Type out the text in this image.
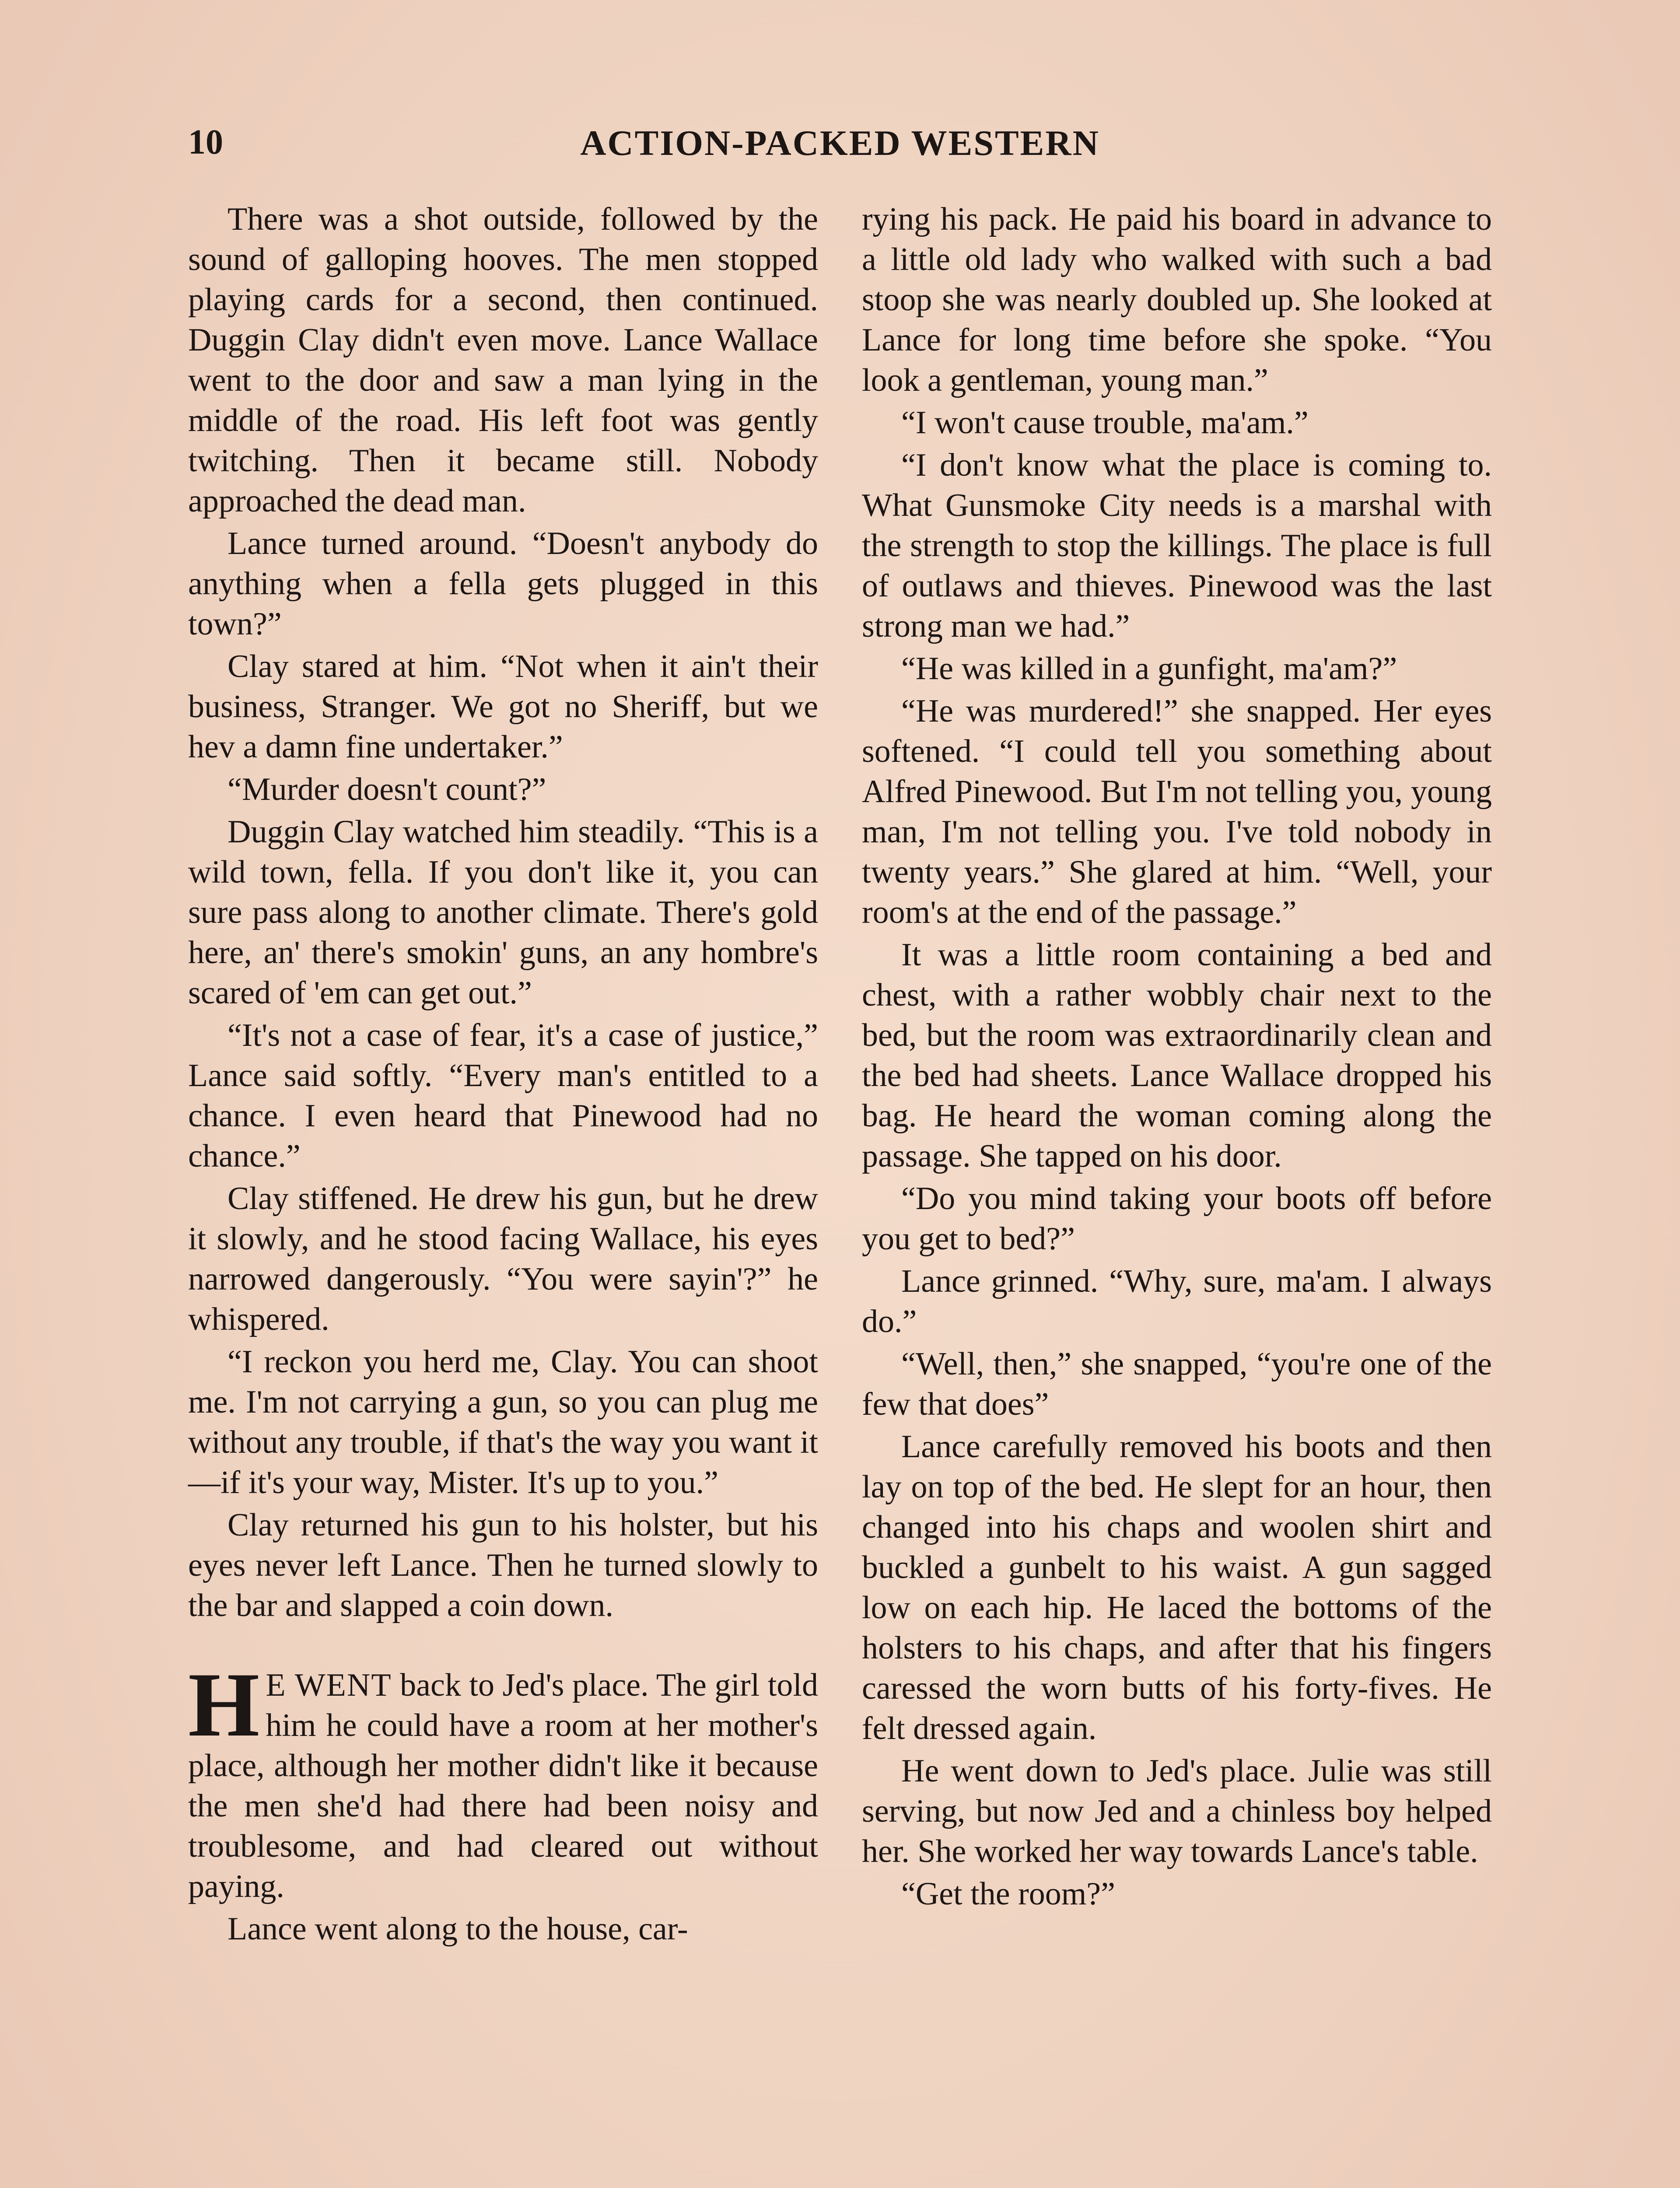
10	ACTION-PACKED WESTERN

There was a shot outside, followed by the sound of galloping hooves. The men stopped playing cards for a second, then continued. Duggin Clay didn't even move. Lance Wallace went to the door and saw a man lying in the middle of the road. His left foot was gently twitching. Then it became still. Nobody approached the dead man.

Lance turned around. “Doesn't anybody do anything when a fella gets plugged in this town?”

Clay stared at him. “Not when it ain't their business, Stranger. We got no Sheriff, but we hev a damn fine undertaker.”

“Murder doesn't count?”

Duggin Clay watched him steadily. “This is a wild town, fella. If you don't like it, you can sure pass along to another climate. There's gold here, an' there's smokin' guns, an any hombre's scared of 'em can get out.”

“It's not a case of fear, it's a case of justice,” Lance said softly. “Every man's entitled to a chance. I even heard that Pinewood had no chance.”

Clay stiffened. He drew his gun, but he drew it slowly, and he stood facing Wallace, his eyes narrowed dangerously. “You were sayin'?” he whispered.

“I reckon you herd me, Clay. You can shoot me. I'm not carrying a gun, so you can plug me without any trouble, if that's the way you want it—if it's your way, Mister. It's up to you.”

Clay returned his gun to his holster, but his eyes never left Lance. Then he turned slowly to the bar and slapped a coin down.

H E WENT back to Jed's place. The girl told him he could have a room at her mother's place, although her mother didn't like it because the men she'd had there had been noisy and troublesome, and had cleared out without paying.

Lance went along to the house, car-

rying his pack. He paid his board in advance to a little old lady who walked with such a bad stoop she was nearly doubled up. She looked at Lance for long time before she spoke. “You look a gentleman, young man.”

“I won't cause trouble, ma'am.”

“I don't know what the place is coming to. What Gunsmoke City needs is a marshal with the strength to stop the killings. The place is full of outlaws and thieves. Pinewood was the last strong man we had.”

“He was killed in a gunfight, ma'am?”

“He was murdered!” she snapped. Her eyes softened. “I could tell you something about Alfred Pinewood. But I'm not telling you, young man, I'm not telling you. I've told nobody in twenty years.” She glared at him. “Well, your room's at the end of the passage.”

It was a little room containing a bed and chest, with a rather wobbly chair next to the bed, but the room was extraordinarily clean and the bed had sheets. Lance Wallace dropped his bag. He heard the woman coming along the passage. She tapped on his door.

“Do you mind taking your boots off before you get to bed?”

Lance grinned. “Why, sure, ma'am. I always do.”

“Well, then,” she snapped, “you're one of the few that does”

Lance carefully removed his boots and then lay on top of the bed. He slept for an hour, then changed into his chaps and woolen shirt and buckled a gunbelt to his waist. A gun sagged low on each hip. He laced the bottoms of the holsters to his chaps, and after that his fingers caressed the worn butts of his forty-fives. He felt dressed again.

He went down to Jed's place. Julie was still serving, but now Jed and a chinless boy helped her. She worked her way towards Lance's table.

“Get the room?”
